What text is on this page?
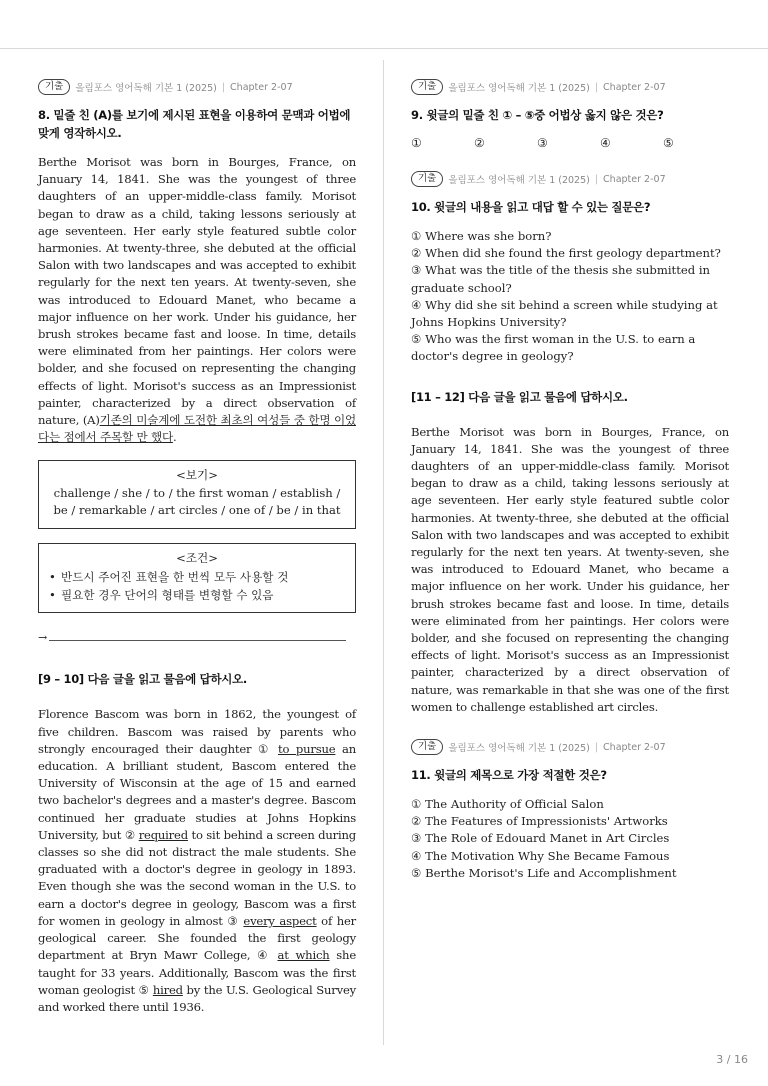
기출	올림포스 영어독해 기본 1 (2025) | Chapter 2-07

8. 밑줄 친 (A)를 보기에 제시된 표현을 이용하여 문맥과 어법에 맞게 영작하시오.

Berthe Morisot was born in Bourges, France, on January 14, 1841. She was the youngest of three daughters of an upper-middle-class family. Morisot began to draw as a child, taking lessons seriously at age seventeen. Her early style featured subtle color harmonies. At twenty-three, she debuted at the official Salon with two landscapes and was accepted to exhibit regularly for the next ten years. At twenty-seven, she was introduced to Edouard Manet, who became a major influence on her work. Under his guidance, her brush strokes became fast and loose. In time, details were eliminated from her paintings. Her colors were bolder, and she focused on representing the changing effects of light. Morisot's success as an Impressionist painter, characterized by a direct observation of nature, (A)기존의 미술계에 도전한 최초의 여성들 중 한명 이었다는 점에서 주목할 만 했다.

<보기>
challenge / she / to / the first woman / establish / be / remarkable / art circles / one of / be / in that
<조건>
• 반드시 주어진 표현을 한 번씩 모두 사용할 것
• 필요한 경우 단어의 형태를 변형할 수 있음
→

[9 – 10] 다음 글을 읽고 물음에 답하시오.

Florence Bascom was born in 1862, the youngest of five children. Bascom was raised by parents who strongly encouraged their daughter ① to pursue an education. A brilliant student, Bascom entered the University of Wisconsin at the age of 15 and earned two bachelor's degrees and a master's degree. Bascom continued her graduate studies at Johns Hopkins University, but ② required to sit behind a screen during classes so she did not distract the male students. She graduated with a doctor's degree in geology in 1893. Even though she was the second woman in the U.S. to earn a doctor's degree in geology, Bascom was a first for women in geology in almost ③ every aspect of her geological career. She founded the first geology department at Bryn Mawr College, ④ at which she taught for 33 years. Additionally, Bascom was the first woman geologist ⑤ hired by the U.S. Geological Survey and worked there until 1936.

기출	올림포스 영어독해 기본 1 (2025) | Chapter 2-07

9. 윗글의 밑줄 친 ① – ⑤중 어법상 옳지 않은 것은?

①	②	③	④	⑤
기출	올림포스 영어독해 기본 1 (2025) | Chapter 2-07

10. 윗글의 내용을 읽고 대답 할 수 있는 질문은?

① Where was she born?
② When did she found the first geology department?
③ What was the title of the thesis she submitted in graduate school?
④ Why did she sit behind a screen while studying at Johns Hopkins University?
⑤ Who was the first woman in the U.S. to earn a doctor's degree in geology?

[11 – 12] 다음 글을 읽고 물음에 답하시오.

Berthe Morisot was born in Bourges, France, on January 14, 1841. She was the youngest of three daughters of an upper-middle-class family. Morisot began to draw as a child, taking lessons seriously at age seventeen. Her early style featured subtle color harmonies. At twenty-three, she debuted at the official Salon with two landscapes and was accepted to exhibit regularly for the next ten years. At twenty-seven, she was introduced to Edouard Manet, who became a major influence on her work. Under his guidance, her brush strokes became fast and loose. In time, details were eliminated from her paintings. Her colors were bolder, and she focused on representing the changing effects of light. Morisot's success as an Impressionist painter, characterized by a direct observation of nature, was remarkable in that she was one of the first women to challenge established art circles.

기출	올림포스 영어독해 기본 1 (2025) | Chapter 2-07

11. 윗글의 제목으로 가장 적절한 것은?

① The Authority of Official Salon
② The Features of Impressionists' Artworks
③ The Role of Edouard Manet in Art Circles
④ The Motivation Why She Became Famous
⑤ Berthe Morisot's Life and Accomplishment
3 / 16
